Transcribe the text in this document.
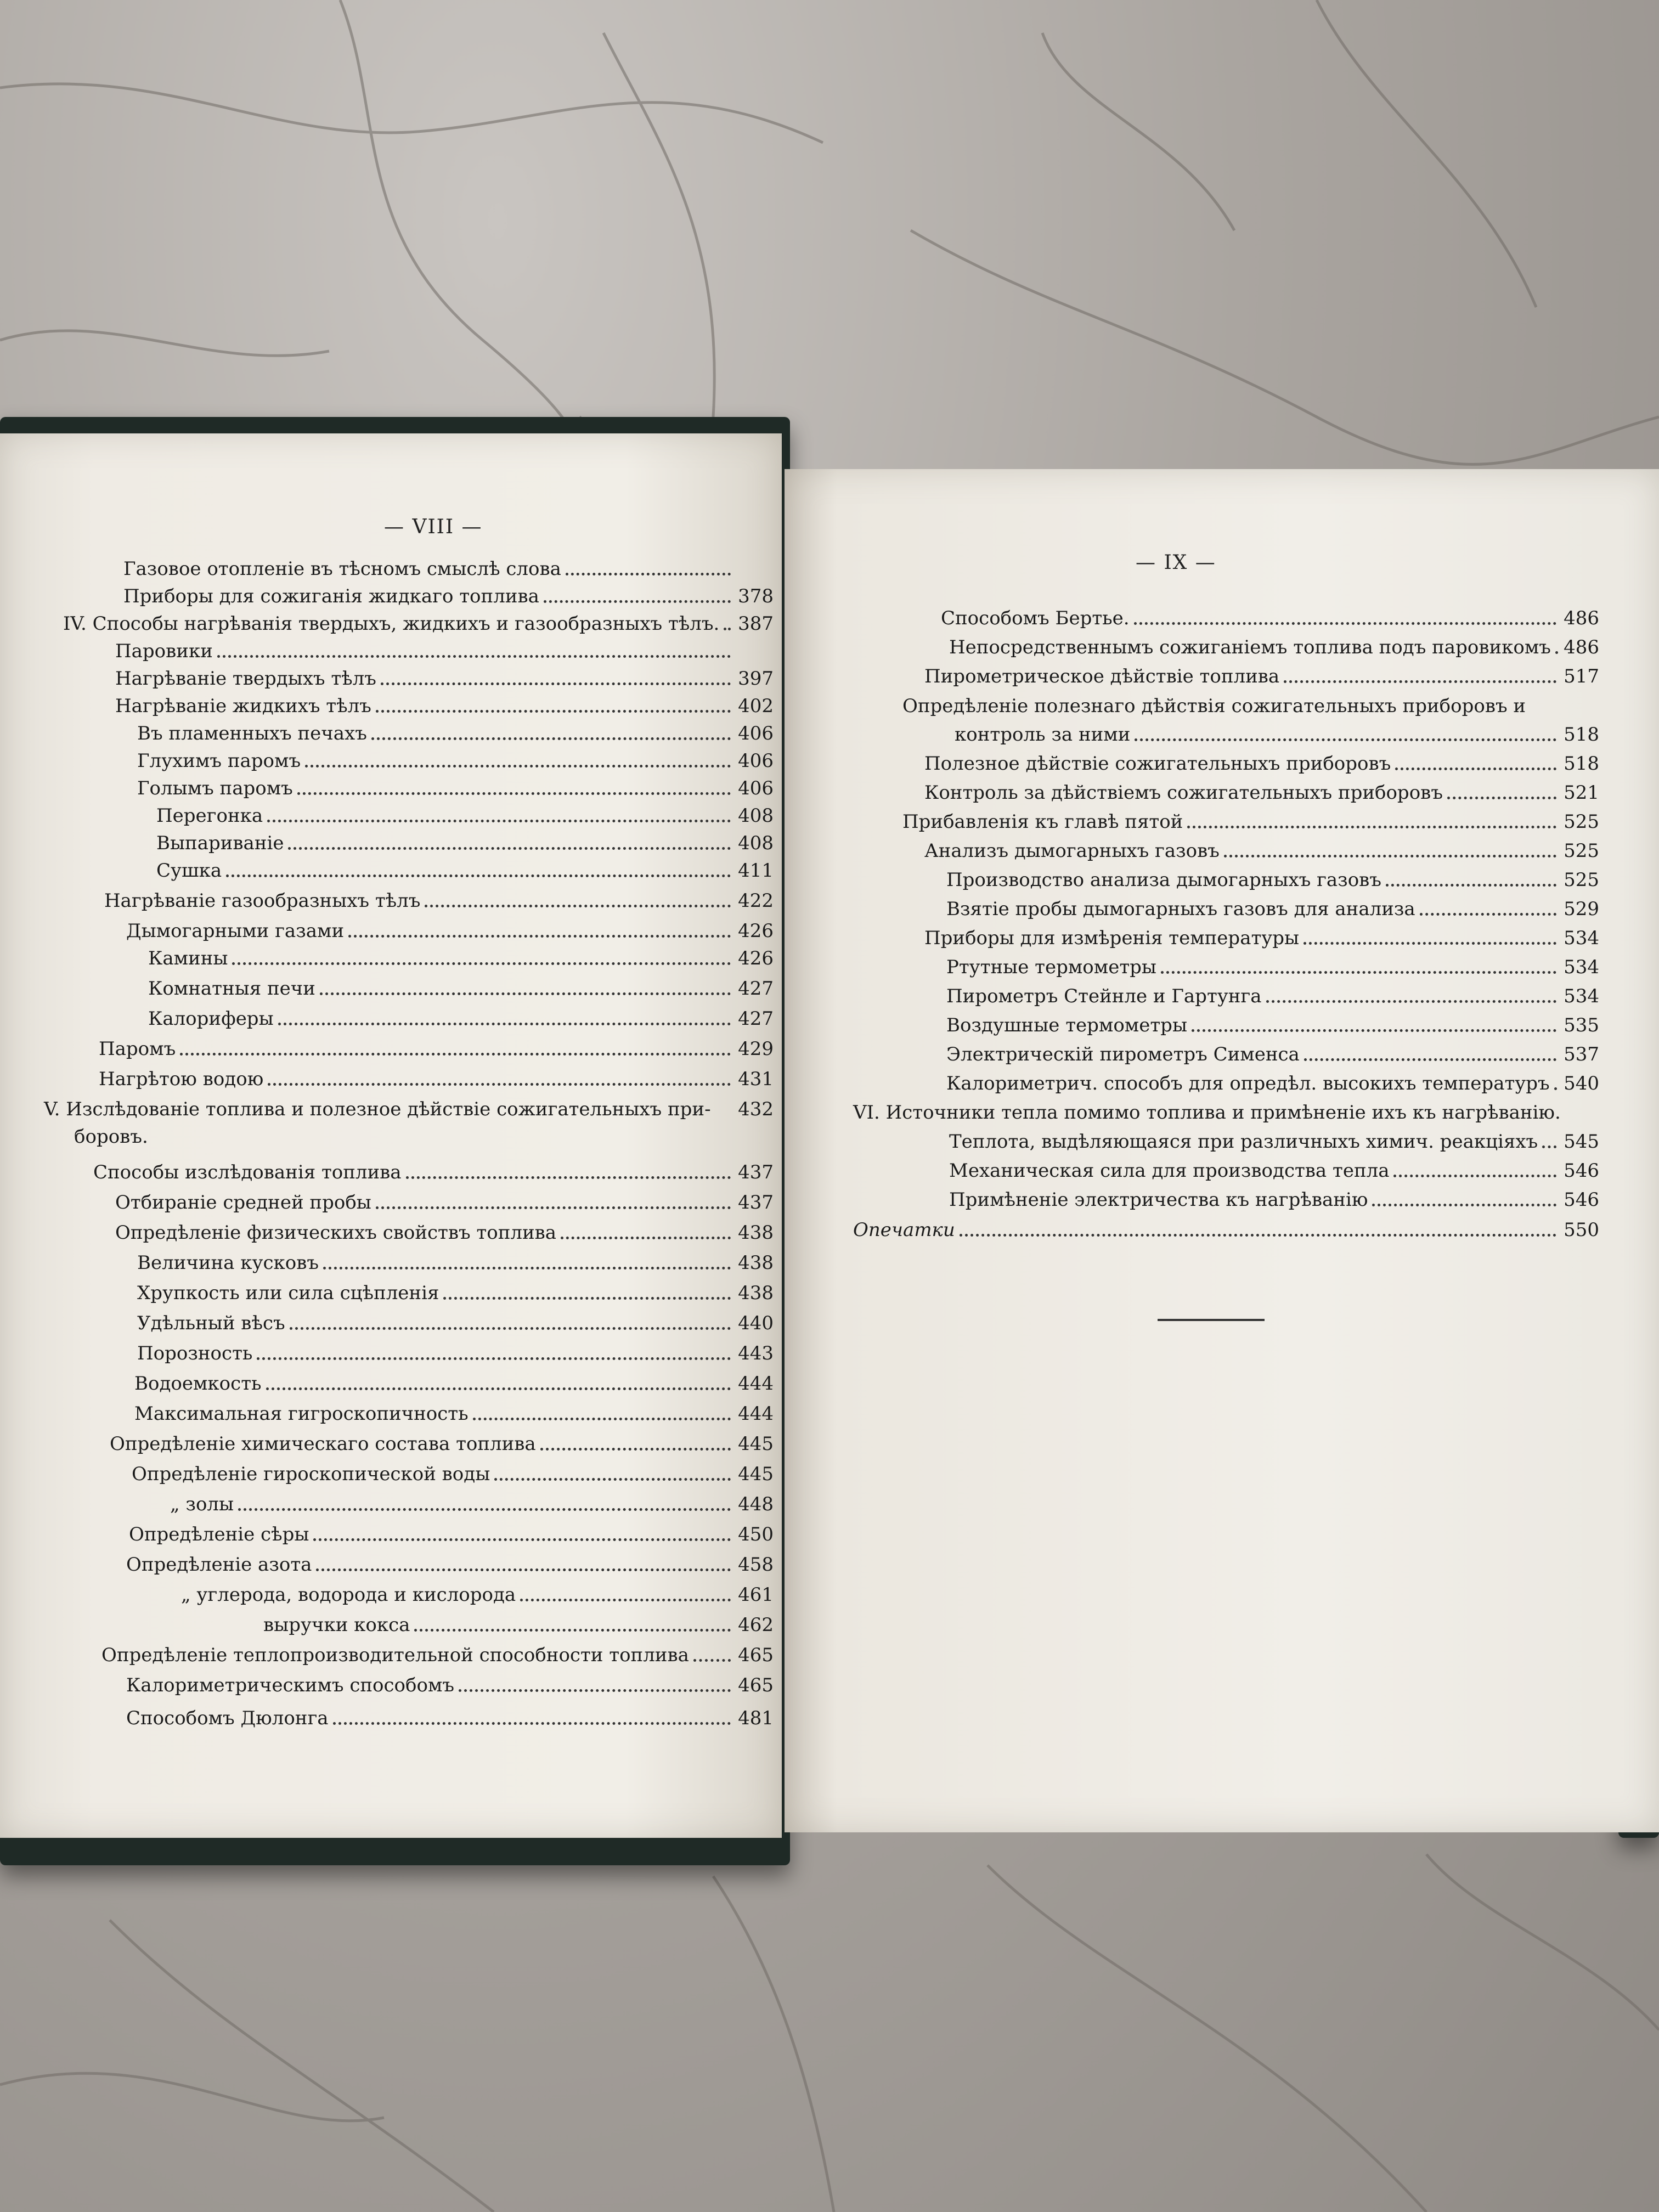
— VIII —
Газовое отопленіе въ тѣсномъ смыслѣ слова
Приборы для сожиганія жидкаго топлива	378
IV. Способы нагрѣванія твердыхъ, жидкихъ и газообразныхъ тѣлъ. 387
Паровики
Нагрѣваніе твердыхъ тѣлъ	397
Нагрѣваніе жидкихъ тѣлъ	402
Въ пламенныхъ печахъ	406
Глухимъ паромъ	406
Голымъ паромъ	406
Перегонка	408
Выпариваніе	408
Сушка	411
Нагрѣваніе газообразныхъ тѣлъ	422
Дымогарными газами	426
Камины	426
Комнатныя печи	427
Калориферы	427
Паромъ	429
Нагрѣтою водою	431
V. Изслѣдованіе топлива и полезное дѣйствіе сожигательныхъ при- 432
боровъ.
Способы изслѣдованія топлива	437
Отбираніе средней пробы	437
Опредѣленіе физическихъ свойствъ топлива	438
Величина кусковъ	438
Хрупкость или сила сцѣпленія	438
Удѣльный вѣсъ	440
Порозность	443
Водоемкость	444
Максимальная гигроскопичность	444
Опредѣленіе химическаго состава топлива	445
Опредѣленіе гироскопической воды	445
„ золы	448
Опредѣленіе сѣры	450
Опредѣленіе азота	458
„ углерода, водорода и кислорода	461
выручки кокса	462
Опредѣленіе теплопроизводительной способности топлива	465
Калориметрическимъ способомъ	465
Способомъ Дюлонга	481
— IX —
Способомъ Бертье.	486
Непосредственнымъ сожиганіемъ топлива подъ паровикомъ 486
Пирометрическое дѣйствіе топлива	517
Опредѣленіе полезнаго дѣйствія сожигательныхъ приборовъ и
контроль за ними	518
Полезное дѣйствіе сожигательныхъ приборовъ	518
Контроль за дѣйствіемъ сожигательныхъ приборовъ	521
Прибавленія къ главѣ пятой	525
Анализъ дымогарныхъ газовъ	525
Производство анализа дымогарныхъ газовъ	525
Взятіе пробы дымогарныхъ газовъ для анализа	529
Приборы для измѣренія температуры	534
Ртутные термометры	534
Пирометръ Стейнле и Гартунга	534
Воздушные термометры	535
Электрическій пирометръ Сименса	537
Калориметрич. способъ для опредѣл. высокихъ температуръ 540
VI. Источники тепла помимо топлива и примѣненіе ихъ къ нагрѣванію.
Теплота, выдѣляющаяся при различныхъ химич. реакціяхъ 545
Механическая сила для производства тепла	546
Примѣненіе электричества къ нагрѣванію	546
Опечатки	550
